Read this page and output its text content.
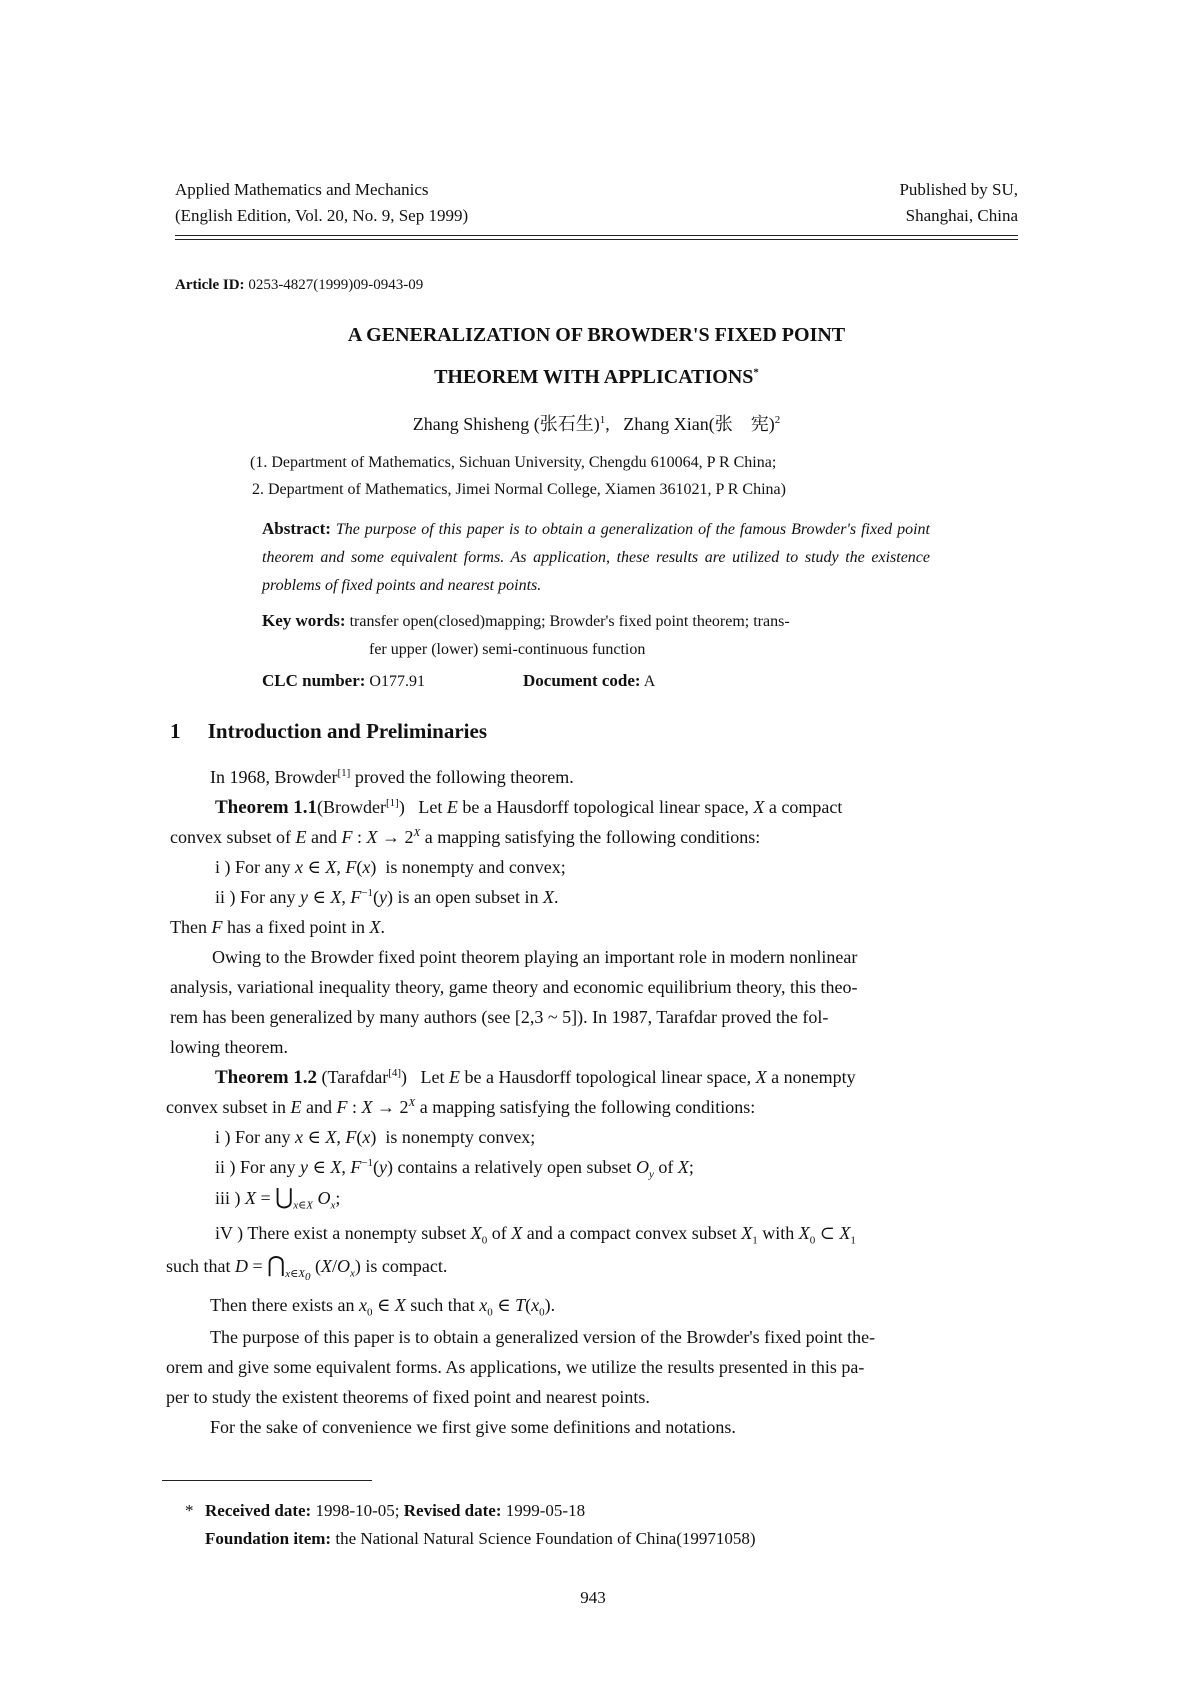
Applied Mathematics and Mechanics
(English Edition, Vol. 20, No. 9, Sep 1999)
Published by SU,
Shanghai, China
Article ID: 0253-4827(1999)09-0943-09
A GENERALIZATION OF BROWDER'S FIXED POINT
THEOREM WITH APPLICATIONS*
Zhang Shisheng (张石生)$^1$, Zhang Xian(张　宪)$^2$
(1. Department of Mathematics, Sichuan University, Chengdu 610064, P R China;
2. Department of Mathematics, Jimei Normal College, Xiamen 361021, P R China)
Abstract: The purpose of this paper is to obtain a generalization of the famous Browder's fixed point theorem and some equivalent forms. As application, these results are utilized to study the existence problems of fixed points and nearest points.
Key words: transfer open(closed)mapping; Browder's fixed point theorem; trans-
fer upper (lower) semi-continuous function
CLC number: O177.91	Document code: A
1 Introduction and Preliminaries
In 1968, Browder[1] proved the following theorem.
Theorem 1.1(Browder[1])   Let E be a Hausdorff topological linear space, X a compact
convex subset of E and F : $X \to 2^X$ a mapping satisfying the following conditions:
i ) For any x ∈ X, F(x)  is nonempty and convex;
ii ) For any y ∈ X, $F^{-1}(y)$ is an open subset in X.
Then F has a fixed point in X.
Owing to the Browder fixed point theorem playing an important role in modern nonlinear
analysis, variational inequality theory, game theory and economic equilibrium theory, this theo-
rem has been generalized by many authors (see [2,3 ~ 5]). In 1987, Tarafdar proved the fol-
lowing theorem.
Theorem 1.2 (Tarafdar[4])   Let E be a Hausdorff topological linear space, X a nonempty
convex subset in E and F : $X \to 2^X$ a mapping satisfying the following conditions:
i ) For any x ∈ X, F(x)  is nonempty convex;
ii ) For any y ∈ X, $F^{-1}(y)$ contains a relatively open subset $O_y$ of X;
iii ) $X = ⋃_{x\in X}$ $O_x$;
iV ) There exist a nonempty subset $X_0$ of X and a compact convex subset $X_1$ with $X_0$ ⊂ $X_1$
such that $D = ⋂_{x\in X_0}$ $(X/O_x)$ is compact.
Then there exists an $x_0$ ∈ X such that $x_0$ ∈ $T(x_0)$.
The purpose of this paper is to obtain a generalized version of the Browder's fixed point the-
orem and give some equivalent forms. As applications, we utilize the results presented in this pa-
per to study the existent theorems of fixed point and nearest points.
For the sake of convenience we first give some definitions and notations.
* Received date: 1998-10-05; Revised date: 1999-05-18
Foundation item: the National Natural Science Foundation of China(19971058)
943
